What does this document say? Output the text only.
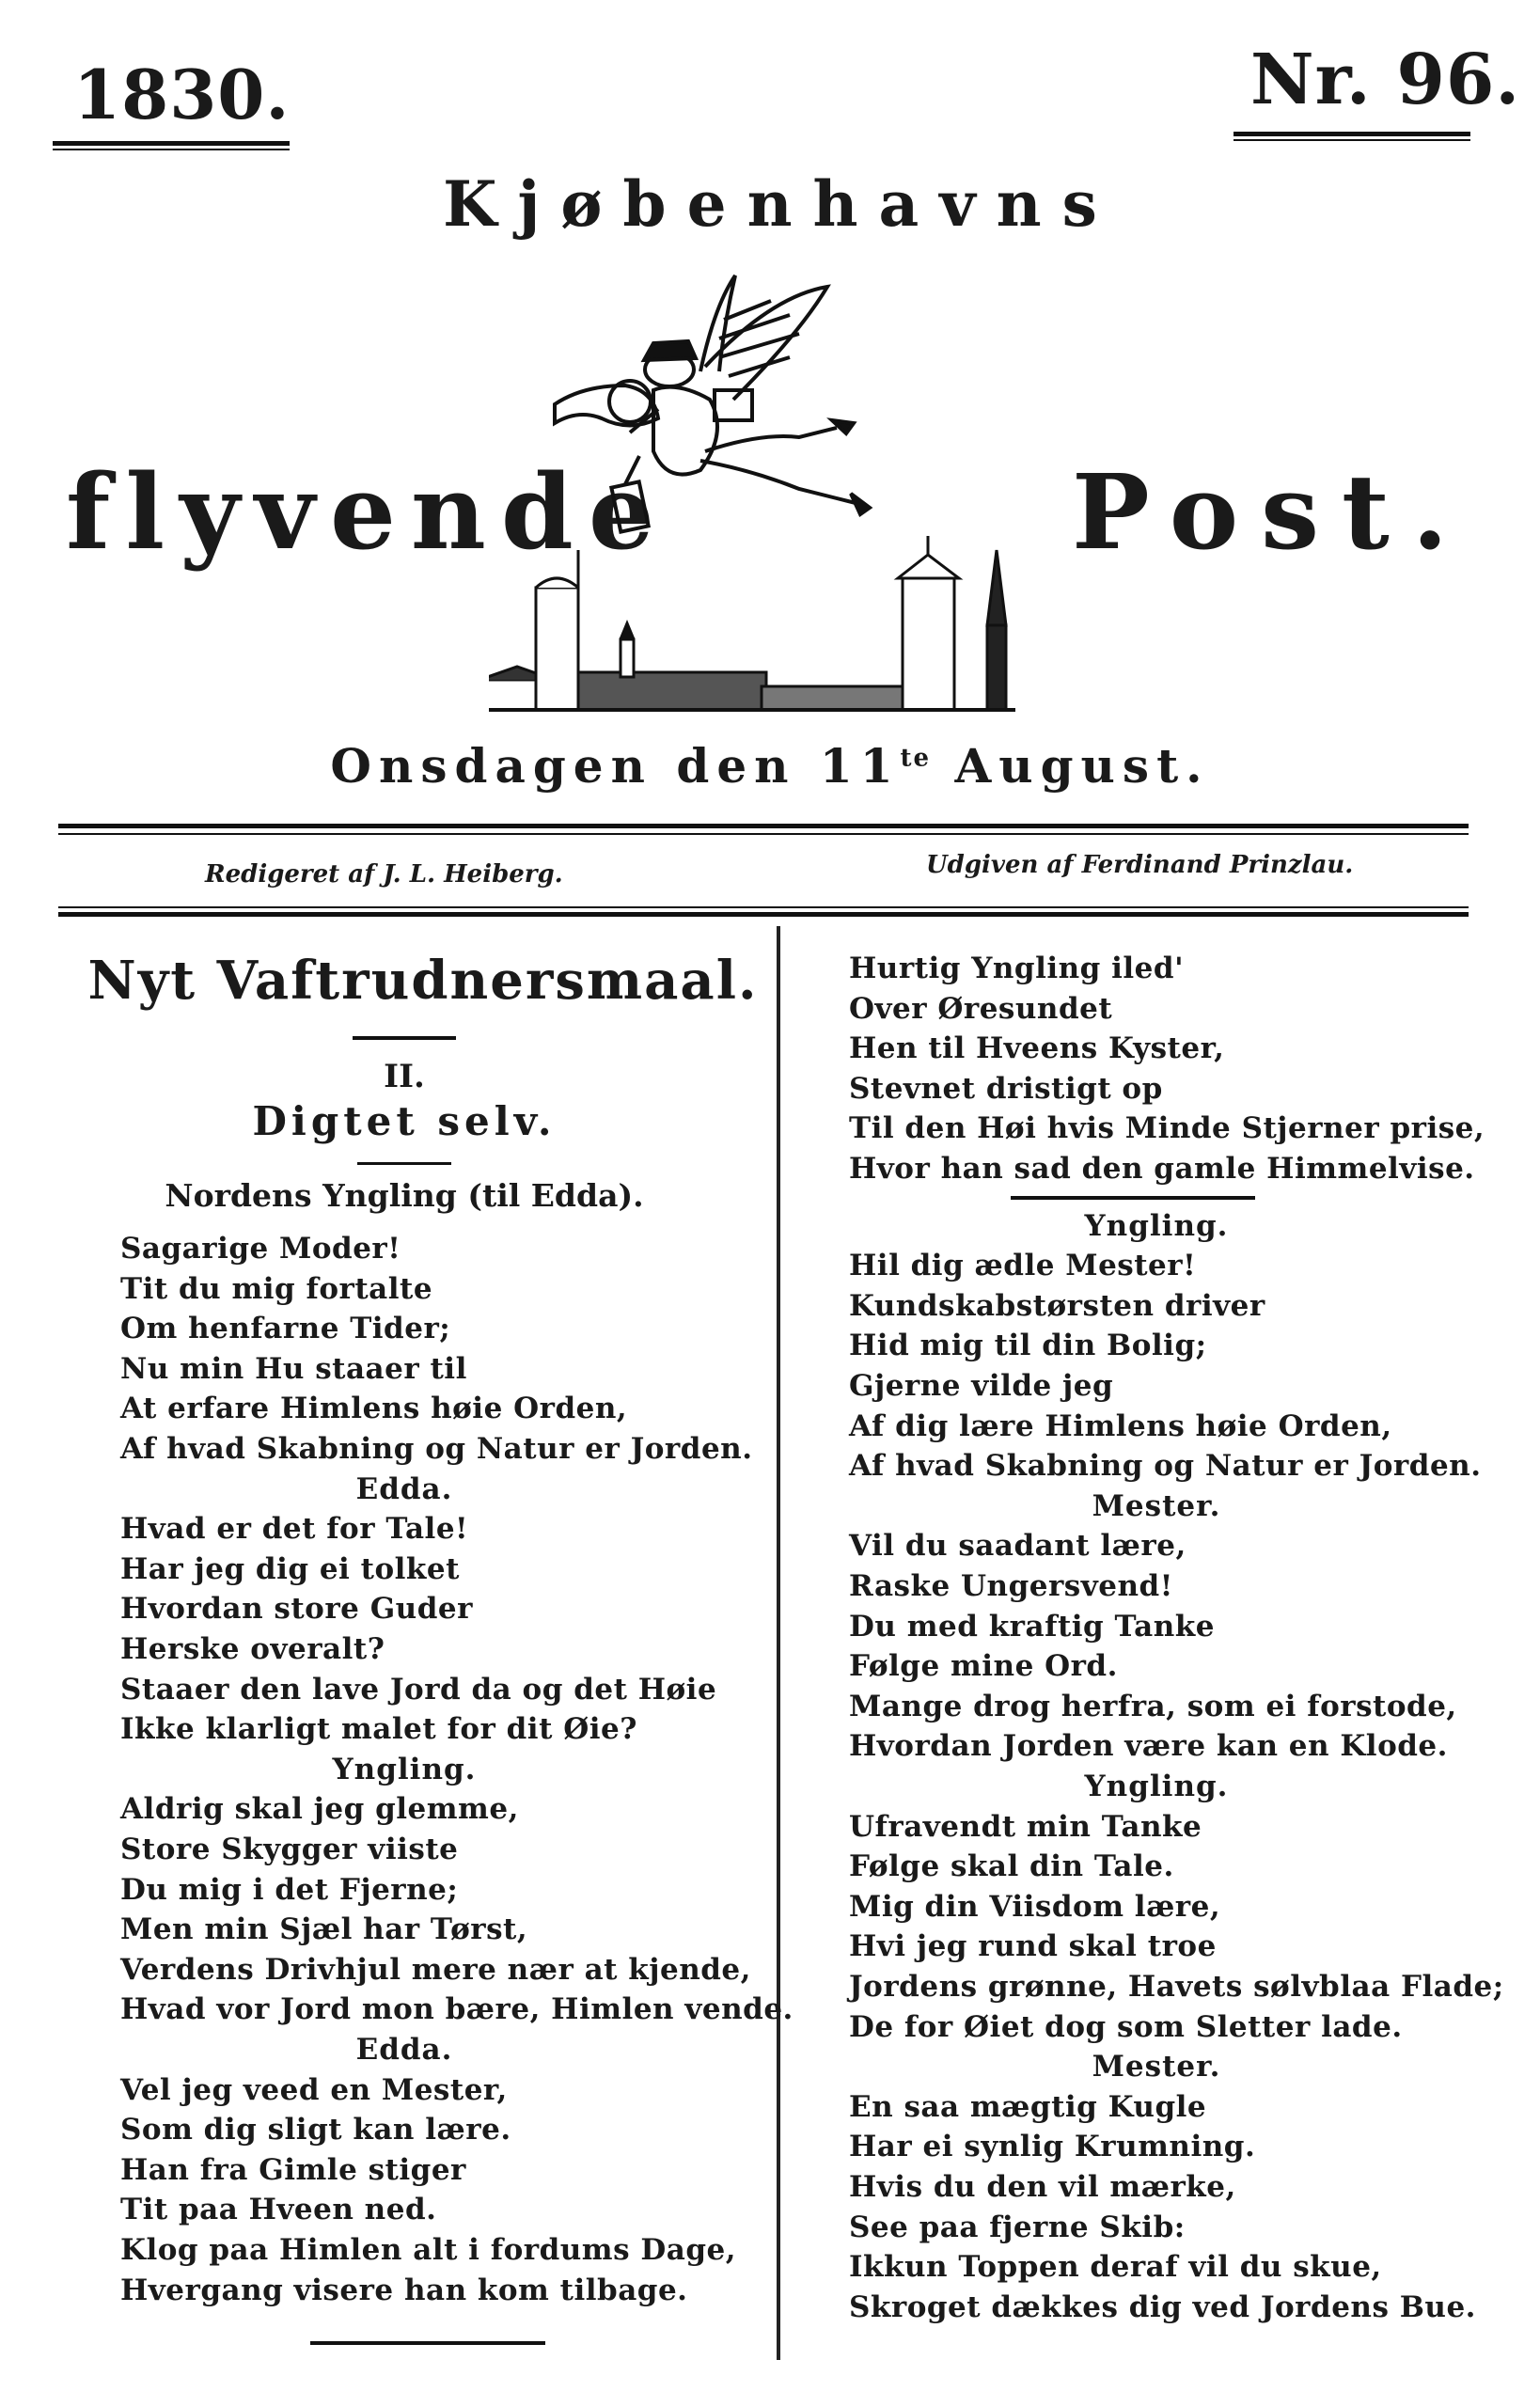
1830.	Nr. 96.
Kjøbenhavns
flyvende	Post.
Onsdagen den $11^{te}$ August.
Redigeret af J. L. Heiberg.	Udgiven af Ferdinand Prinzlau.
Nyt Vaftrudnersmaal.
II.
Digtet selv.
Nordens Yngling (til Edda).
Sagarige Moder!
Tit du mig fortalte
Om henfarne Tider;
Nu min Hu staaer til
At erfare Himlens høie Orden,
Af hvad Skabning og Natur er Jorden.
Edda.
Hvad er det for Tale!
Har jeg dig ei tolket
Hvordan store Guder
Herske overalt?
Staaer den lave Jord da og det Høie
Ikke klarligt malet for dit Øie?
Yngling.
Aldrig skal jeg glemme,
Store Skygger viiste
Du mig i det Fjerne;
Men min Sjæl har Tørst,
Verdens Drivhjul mere nær at kjende,
Hvad vor Jord mon bære, Himlen vende.
Edda.
Vel jeg veed en Mester,
Som dig sligt kan lære.
Han fra Gimle stiger
Tit paa Hveen ned.
Klog paa Himlen alt i fordums Dage,
Hvergang visere han kom tilbage.
Hurtig Yngling iled'
Over Øresundet
Hen til Hveens Kyster,
Stevnet dristigt op
Til den Høi hvis Minde Stjerner prise,
Hvor han sad den gamle Himmelvise.
Yngling.
Hil dig ædle Mester!
Kundskabstørsten driver
Hid mig til din Bolig;
Gjerne vilde jeg
Af dig lære Himlens høie Orden,
Af hvad Skabning og Natur er Jorden.
Mester.
Vil du saadant lære,
Raske Ungersvend!
Du med kraftig Tanke
Følge mine Ord.
Mange drog herfra, som ei forstode,
Hvordan Jorden være kan en Klode.
Yngling.
Ufravendt min Tanke
Følge skal din Tale.
Mig din Viisdom lære,
Hvi jeg rund skal troe
Jordens grønne, Havets sølvblaa Flade;
De for Øiet dog som Sletter lade.
Mester.
En saa mægtig Kugle
Har ei synlig Krumning.
Hvis du den vil mærke,
See paa fjerne Skib:
Ikkun Toppen deraf vil du skue,
Skroget dækkes dig ved Jordens Bue.
